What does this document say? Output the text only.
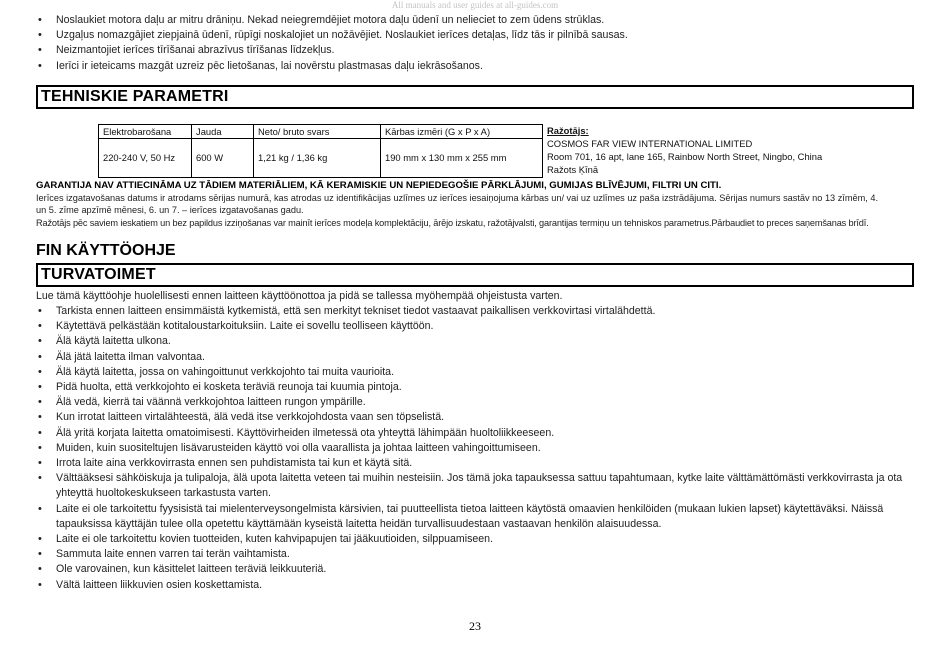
All manuals and user guides at all-guides.com
• Noslaukiet motora daļu ar mitru drāniņu. Nekad neiegremdējiet motora daļu ūdenī un nelieciet to zem ūdens strūklas.
• Uzgaļus nomazgājiet ziepjainā ūdenī, rūpīgi noskalojiet un nožāvējiet. Noslaukiet ierīces detaļas, līdz tās ir pilnībā sausas.
• Neizmantojiet ierīces tīrīšanai abrazīvus tīrīšanas līdzekļus.
• Ierīci ir ieteicams mazgāt uzreiz pēc lietošanas, lai novērstu plastmasas daļu iekrāsošanos.
TEHNISKIE PARAMETRI
Elektrobarošana	Jauda	Neto/ bruto svars	Kārbas izmēri (G x P x A)
220-240 V, 50 Hz	600 W	1,21 kg / 1,36 kg	190 mm x 130 mm x 255 mm
Ražotājs:
COSMOS FAR VIEW INTERNATIONAL LIMITED
Room 701, 16 apt, lane 165, Rainbow North Street, Ningbo, China
Ražots Ķīnā
GARANTIJA NAV ATTIECINĀMA UZ TĀDIEM MATERIĀLIEM, KĀ KERAMISKIE UN NEPIEDEGOŠIE PĀRKLĀJUMI, GUMIJAS BLĪVĒJUMI, FILTRI UN CITI.
Ierīces izgatavošanas datums ir atrodams sērijas numurā, kas atrodas uz identifikācijas uzlīmes uz ierīces iesaiņojuma kārbas un/ vai uz uzlīmes uz paša izstrādājuma. Sērijas numurs sastāv no 13 zīmēm, 4.
un 5. zīme apzīmē mēnesi, 6. un 7. – ierīces izgatavošanas gadu.
Ražotājs pēc saviem ieskatiem un bez papildus izziņošanas var mainīt ierīces modeļa komplektāciju, ārējo izskatu, ražotājvalsti, garantijas termiņu un tehniskos parametrus.Pārbaudiet to preces saņemšanas brīdī.
FIN KÄYTTÖOHJE
TURVATOIMET
Lue tämä käyttöohje huolellisesti ennen laitteen käyttöönottoa ja pidä se tallessa myöhempää ohjeistusta varten.
• Tarkista ennen laitteen ensimmäistä kytkemistä, että sen merkityt tekniset tiedot vastaavat paikallisen verkkovirtasi virtalähdettä.
• Käytettävä pelkästään kotitaloustarkoituksiin. Laite ei sovellu teolliseen käyttöön.
• Älä käytä laitetta ulkona.
• Älä jätä laitetta ilman valvontaa.
• Älä käytä laitetta, jossa on vahingoittunut verkkojohto tai muita vaurioita.
• Pidä huolta, että verkkojohto ei kosketa teräviä reunoja tai kuumia pintoja.
• Älä vedä, kierrä tai väännä verkkojohtoa laitteen rungon ympärille.
• Kun irrotat laitteen virtalähteestä, älä vedä itse verkkojohdosta vaan sen töpselistä.
• Älä yritä korjata laitetta omatoimisesti. Käyttövirheiden ilmetessä ota yhteyttä lähimpään huoltoliikkeeseen.
• Muiden, kuin suositeltujen lisävarusteiden käyttö voi olla vaarallista ja johtaa laitteen vahingoittumiseen.
• Irrota laite aina verkkovirrasta ennen sen puhdistamista tai kun et käytä sitä.
• Välttääksesi sähköiskuja ja tulipaloja, älä upota laitetta veteen tai muihin nesteisiin. Jos tämä joka tapauksessa sattuu tapahtumaan, kytke laite välttämättömästi verkkovirrasta ja ota yhteyttä huoltokeskukseen tarkastusta varten.
• Laite ei ole tarkoitettu fyysisistä tai mielenterveysongelmista kärsivien, tai puutteellista tietoa laitteen käytöstä omaavien henkilöiden (mukaan lukien lapset) käytettäväksi. Näissä tapauksissa käyttäjän tulee olla opetettu käyttämään kyseistä laitetta heidän turvallisuudestaan vastaavan henkilön alaisuudessa.
• Laite ei ole tarkoitettu kovien tuotteiden, kuten kahvipapujen tai jääkuutioiden, silppuamiseen.
• Sammuta laite ennen varren tai terän vaihtamista.
• Ole varovainen, kun käsittelet laitteen teräviä leikkuuteriä.
• Vältä laitteen liikkuvien osien koskettamista.
23
